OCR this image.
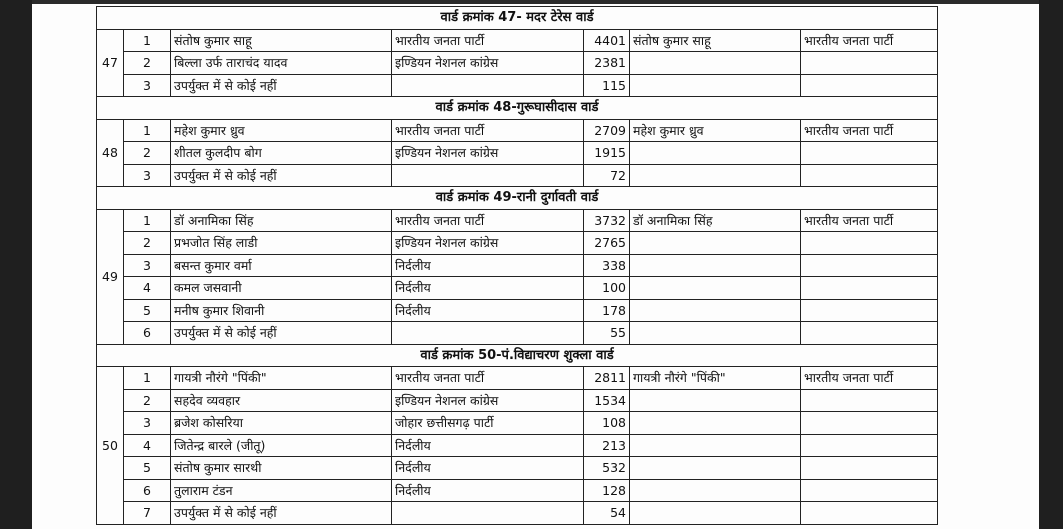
वार्ड क्रमांक 47- मदर टेरेस वार्ड						
47	1	संतोष कुमार साहू	भारतीय जनता पार्टी	4401	संतोष कुमार साहू	भारतीय जनता पार्टी
	2	बिल्ला उर्फ ताराचंद यादव	इण्डियन नेशनल कांग्रेस	2381		
	3	उपर्युक्त में से कोई नहीं		115		
वार्ड क्रमांक 48-गुरूघासीदास वार्ड						
48	1	महेश कुमार ध्रुव	भारतीय जनता पार्टी	2709	महेश कुमार ध्रुव	भारतीय जनता पार्टी
	2	शीतल कुलदीप बोग	इण्डियन नेशनल कांग्रेस	1915		
	3	उपर्युक्त में से कोई नहीं		72		
वार्ड क्रमांक 49-रानी दुर्गावती वार्ड						
49	1	डॉ अनामिका सिंह	भारतीय जनता पार्टी	3732	डॉ अनामिका सिंह	भारतीय जनता पार्टी
	2	प्रभजोत सिंह लाडी	इण्डियन नेशनल कांग्रेस	2765		
	3	बसन्त कुमार वर्मा	निर्दलीय	338		
	4	कमल जसवानी	निर्दलीय	100		
	5	मनीष कुमार शिवानी	निर्दलीय	178		
	6	उपर्युक्त में से कोई नहीं		55		
वार्ड क्रमांक 50-पं.विद्याचरण शुक्ला वार्ड						
50	1	गायत्री नौरंगे "पिंकी"	भारतीय जनता पार्टी	2811	गायत्री नौरंगे "पिंकी"	भारतीय जनता पार्टी
	2	सहदेव व्यवहार	इण्डियन नेशनल कांग्रेस	1534		
	3	ब्रजेश कोसरिया	जोहार छत्तीसगढ़ पार्टी	108		
	4	जितेन्द्र बारले (जीतू)	निर्दलीय	213		
	5	संतोष कुमार सारथी	निर्दलीय	532		
	6	तुलाराम टंडन	निर्दलीय	128		
	7	उपर्युक्त में से कोई नहीं		54		
